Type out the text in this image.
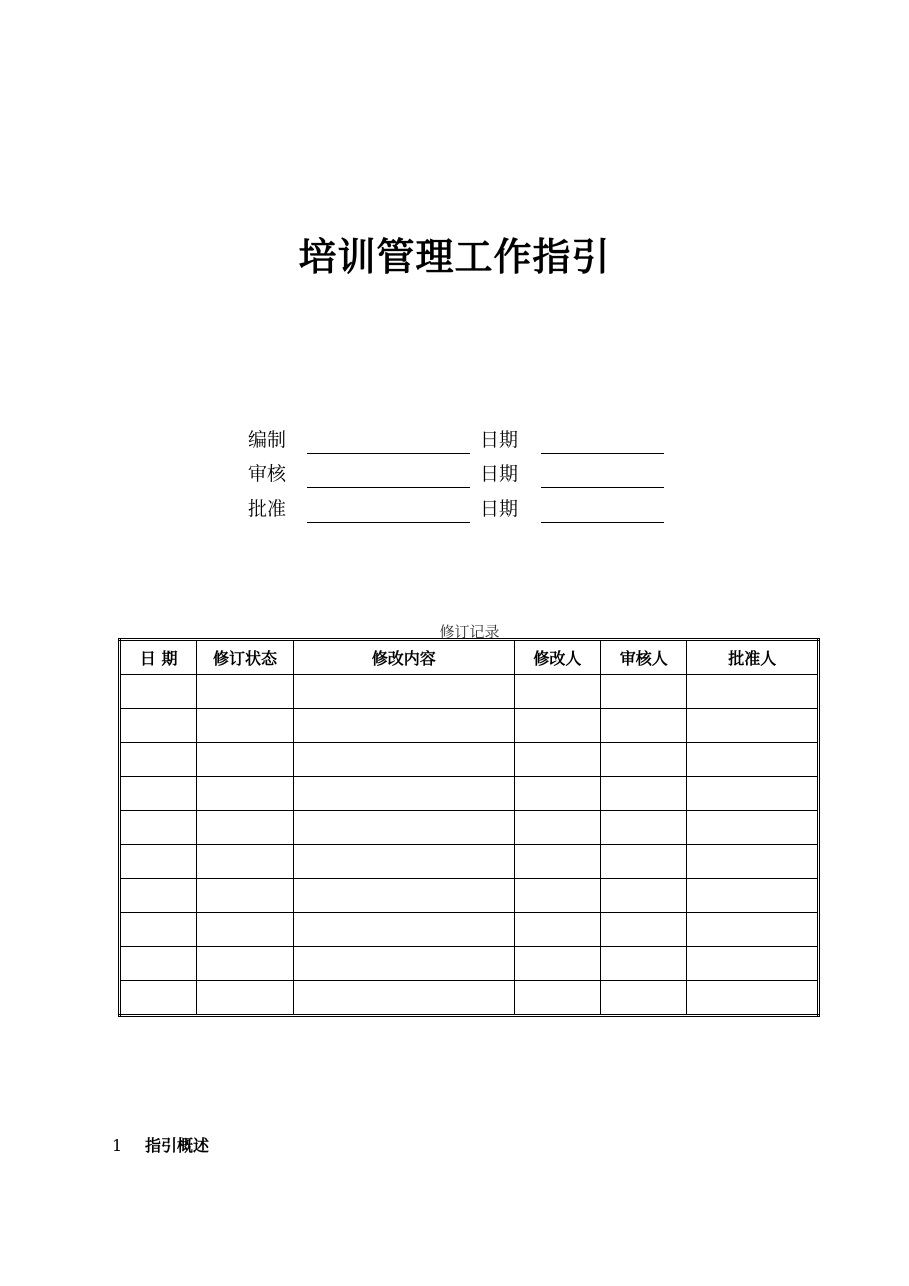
培训管理工作指引
编制	日期
审核	日期
批准	日期
修订记录
日 期	修订状态	修改内容	修改人	审核人	批准人

1 指引概述
